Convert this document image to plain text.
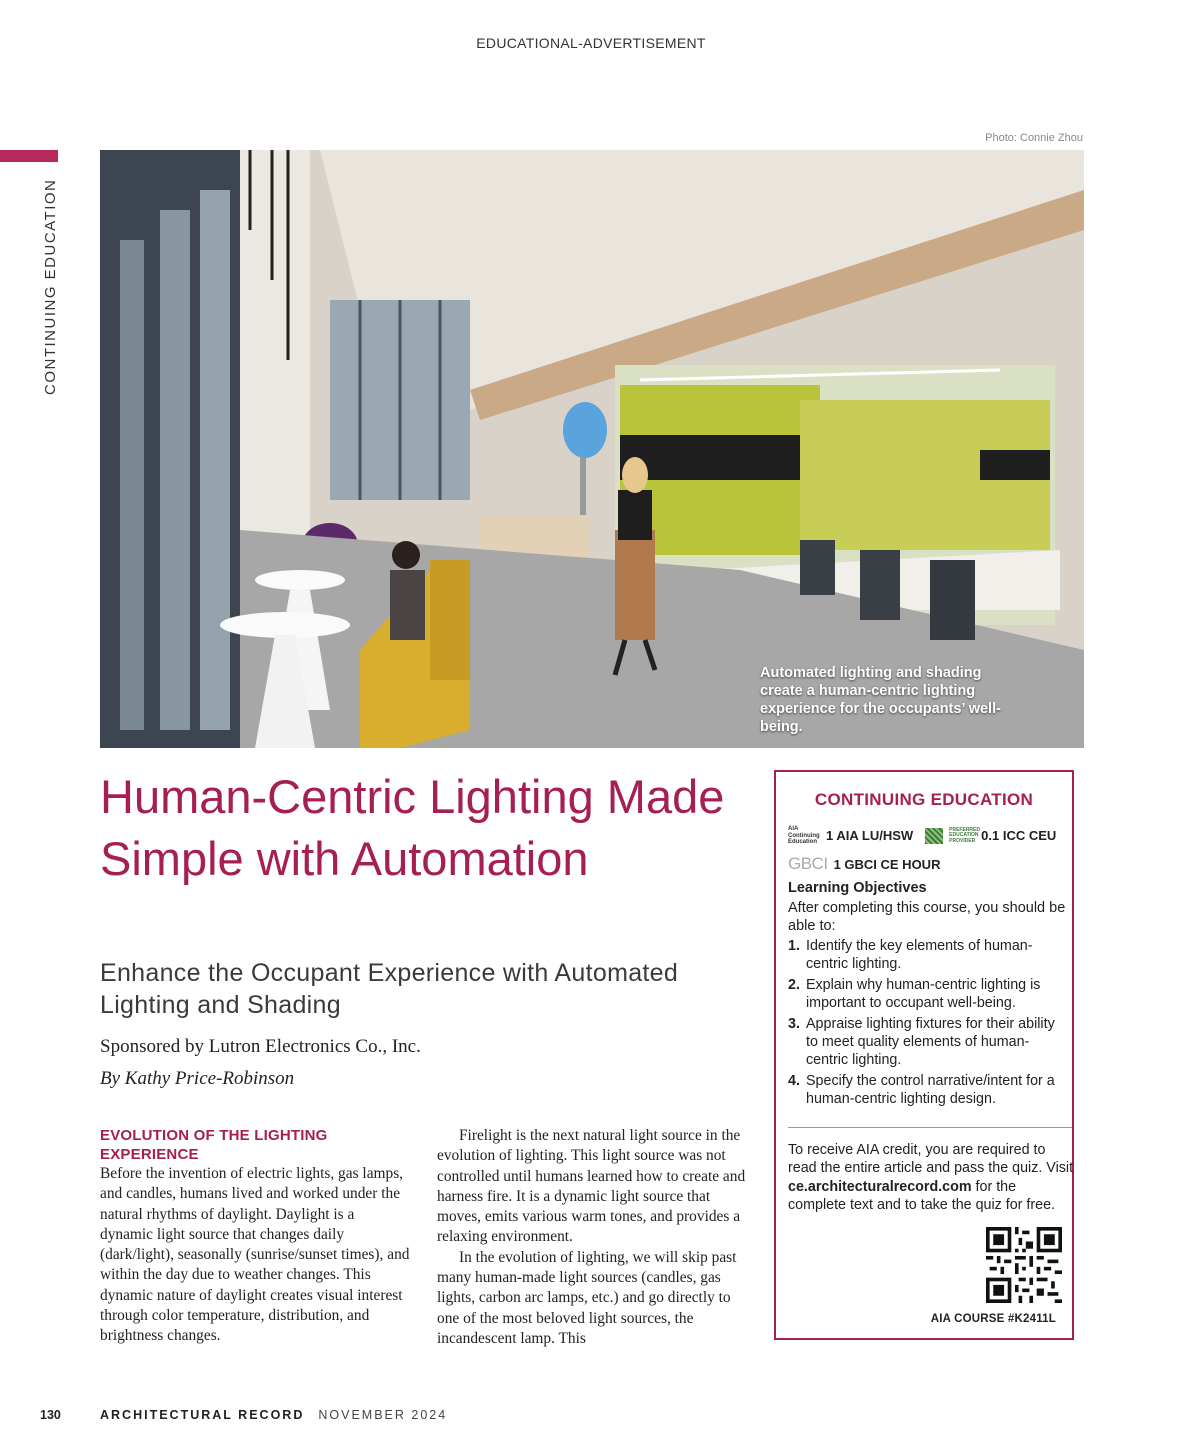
EDUCATIONAL-ADVERTISEMENT
CONTINUING EDUCATION
Photo: Connie Zhou
Automated lighting and shading create a human-centric lighting experience for the occupants’ well-being.
Human-Centric Lighting Made Simple with Automation
Enhance the Occupant Experience with Automated Lighting and Shading
Sponsored by Lutron Electronics Co., Inc.
By Kathy Price-Robinson
EVOLUTION OF THE LIGHTING EXPERIENCE

Before the invention of electric lights, gas lamps, and candles, humans lived and worked under the natural rhythms of daylight. Daylight is a dynamic light source that changes daily (dark/light), seasonally (sunrise/sunset times), and within the day due to weather changes. This dynamic nature of daylight creates visual interest through color temperature, distribution, and brightness changes.

Firelight is the next natural light source in the evolution of lighting. This light source was not controlled until humans learned how to create and harness fire. It is a dynamic light source that moves, emits various warm tones, and provides a relaxing environment.

In the evolution of lighting, we will skip past many human-made light sources (candles, gas lights, carbon arc lamps, etc.) and go directly to one of the most beloved light sources, the incandescent lamp. This

CONTINUING EDUCATION
AIA Continuing Education 1 AIA LU/HSW	PREFERRED EDUCATION PROVIDER 0.1 ICC CEU
GBCI 1 GBCI CE HOUR
Learning Objectives
After completing this course, you should be able to:
1. Identify the key elements of human-centric lighting.
2. Explain why human-centric lighting is important to occupant well-being.
3. Appraise lighting fixtures for their ability to meet quality elements of human-centric lighting.
4. Specify the control narrative/intent for a human-centric lighting design.
To receive AIA credit, you are required to read the entire article and pass the quiz. Visit ce.architecturalrecord.com for the complete text and to take the quiz for free.
AIA COURSE #K2411L
130	ARCHITECTURAL RECORD NOVEMBER 2024
